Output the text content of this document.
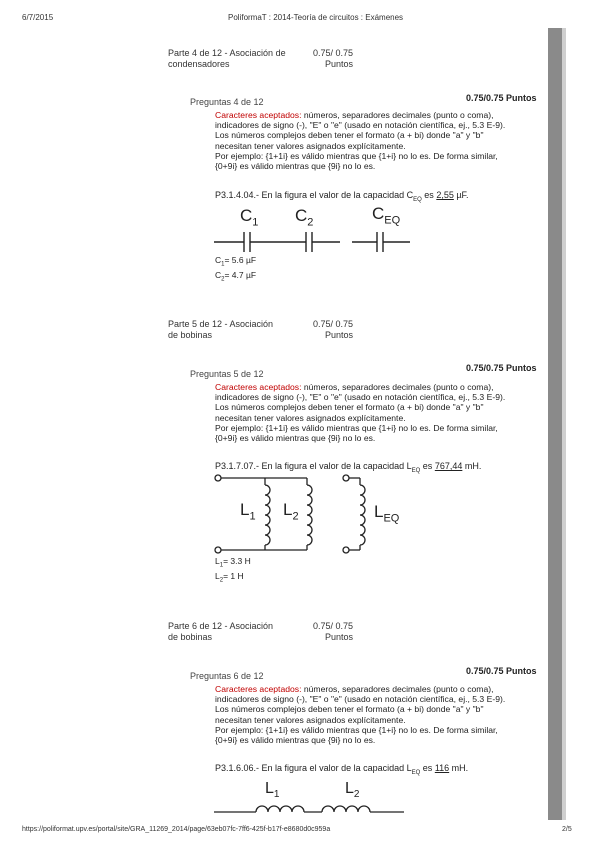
6/7/2015	PoliformaT : 2014-Teoría de circuitos : Exámenes
Parte 4 de 12 - Asociación de
condensadores
0.75/ 0.75
Puntos
Preguntas 4 de 12	0.75/0.75 Puntos
Caracteres aceptados: números, separadores decimales (punto o coma),
indicadores de signo (-), "E" o "e" (usado en notación científica, ej., 5.3 E-9).
Los números complejos deben tener el formato (a + bi) donde "a" y "b"
necesitan tener valores asignados explícitamente.
Por ejemplo: {1+1i} es válido mientras que {1+i} no lo es. De forma similar,
{0+9i} es válido mientras que {9i} no lo es.
P3.1.4.04.- En la figura el valor de la capacidad $C_{EQ}$ es 2,55 µF.
$C_1$ $C_2$	$C_{EQ}$
$C_1= 5.6$ µF
$C_2= 4.7$ µF
Parte 5 de 12 - Asociación
de bobinas
0.75/ 0.75
Puntos
Preguntas 5 de 12
0.75/0.75 Puntos
Caracteres aceptados: números, separadores decimales (punto o coma),
indicadores de signo (-), "E" o "e" (usado en notación científica, ej., 5.3 E-9).
Los números complejos deben tener el formato (a + bi) donde "a" y "b"
necesitan tener valores asignados explícitamente.
Por ejemplo: {1+1i} es válido mientras que {1+i} no lo es. De forma similar,
{0+9i} es válido mientras que {9i} no lo es.
P3.1.7.07.- En la figura el valor de la capacidad $L_{EQ}$ es 767,44 mH.
$L_1$ $L_2$	$L_{EQ}$
$L_1= 3.3$ H
$L_2= 1$ H
Parte 6 de 12 - Asociación
de bobinas
0.75/ 0.75
Puntos
Preguntas 6 de 12	0.75/0.75 Puntos
Caracteres aceptados: números, separadores decimales (punto o coma),
indicadores de signo (-), "E" o "e" (usado en notación científica, ej., 5.3 E-9).
Los números complejos deben tener el formato (a + bi) donde "a" y "b"
necesitan tener valores asignados explícitamente.
Por ejemplo: {1+1i} es válido mientras que {1+i} no lo es. De forma similar,
{0+9i} es válido mientras que {9i} no lo es.
P3.1.6.06.- En la figura el valor de la capacidad $L_{EQ}$ es 116 mH.
$L_1$	$L_2$
https://poliformat.upv.es/portal/site/GRA_11269_2014/page/63eb07fc-7ff6-425f-b17f-e8680d0c959a	2/5
